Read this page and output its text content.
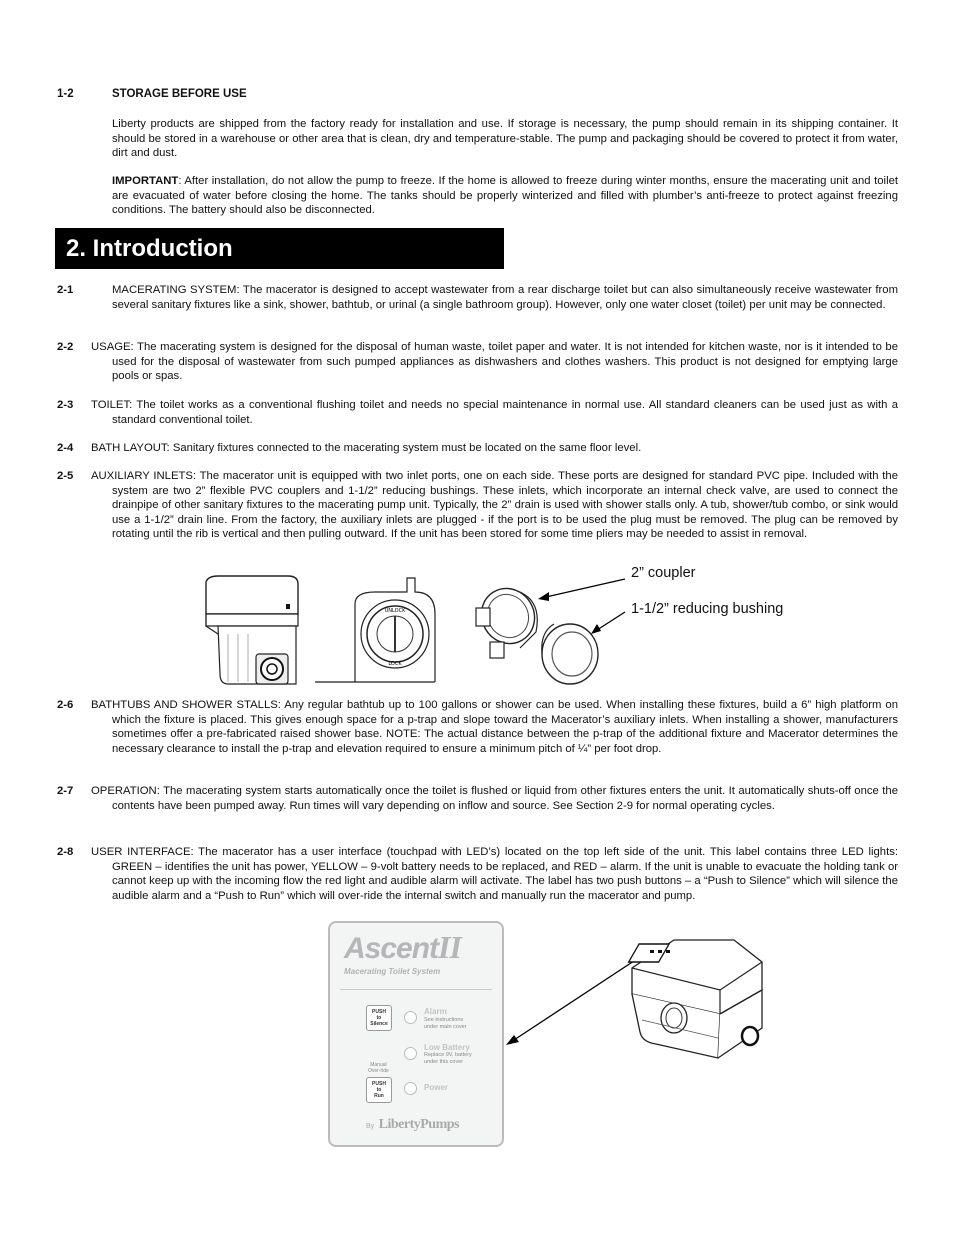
1-2	STORAGE BEFORE USE
Liberty products are shipped from the factory ready for installation and use. If storage is necessary, the pump should remain in its shipping container. It should be stored in a warehouse or other area that is clean, dry and temperature-stable. The pump and packaging should be covered to protect it from water, dirt and dust.
IMPORTANT: After installation, do not allow the pump to freeze. If the home is allowed to freeze during winter months, ensure the macerating unit and toilet are evacuated of water before closing the home. The tanks should be properly winterized and filled with plumber’s anti-freeze to protect against freezing conditions. The battery should also be disconnected.
2. Introduction
2-1	MACERATING SYSTEM: The macerator is designed to accept wastewater from a rear discharge toilet but can also simultaneously receive wastewater from several sanitary fixtures like a sink, shower, bathtub, or urinal (a single bathroom group). However, only one water closet (toilet) per unit may be connected.
2-2 USAGE: The macerating system is designed for the disposal of human waste, toilet paper and water. It is not intended for kitchen waste, nor is it intended to be used for the disposal of wastewater from such pumped appliances as dishwashers and clothes washers. This product is not designed for emptying large pools or spas.
2-3 TOILET: The toilet works as a conventional flushing toilet and needs no special maintenance in normal use. All standard cleaners can be used just as with a standard conventional toilet.
2-4 BATH LAYOUT: Sanitary fixtures connected to the macerating system must be located on the same floor level.
2-5 AUXILIARY INLETS: The macerator unit is equipped with two inlet ports, one on each side. These ports are designed for standard PVC pipe. Included with the system are two 2” flexible PVC couplers and 1-1/2” reducing bushings. These inlets, which incorporate an internal check valve, are used to connect the drainpipe of other sanitary fixtures to the macerating pump unit. Typically, the 2” drain is used with shower stalls only. A tub, shower/tub combo, or sink would use a 1-1/2” drain line. From the factory, the auxiliary inlets are plugged - if the port is to be used the plug must be removed. The plug can be removed by rotating until the rib is vertical and then pulling outward. If the unit has been stored for some time pliers may be needed to assist in removal.
UNLOCK
LOCK
2” coupler
1-1/2” reducing bushing
2-6 BATHTUBS AND SHOWER STALLS: Any regular bathtub up to 100 gallons or shower can be used. When installing these fixtures, build a 6” high platform on which the fixture is placed. This gives enough space for a p-trap and slope toward the Macerator’s auxiliary inlets. When installing a shower, manufacturers sometimes offer a pre-fabricated raised shower base. NOTE: The actual distance between the p-trap of the additional fixture and Macerator determines the necessary clearance to install the p-trap and elevation required to ensure a minimum pitch of ¼” per foot drop.
2-7 OPERATION: The macerating system starts automatically once the toilet is flushed or liquid from other fixtures enters the unit. It automatically shuts-off once the contents have been pumped away. Run times will vary depending on inflow and source. See Section 2-9 for normal operating cycles.
2-8 USER INTERFACE: The macerator has a user interface (touchpad with LED’s) located on the top left side of the unit. This label contains three LED lights: GREEN – identifies the unit has power, YELLOW – 9-volt battery needs to be replaced, and RED – alarm. If the unit is unable to evacuate the holding tank or cannot keep up with the incoming flow the red light and audible alarm will activate. The label has two push buttons – a “Push to Silence” which will silence the audible alarm and a “Push to Run” which will over-ride the internal switch and manually run the macerator and pump.
AscentII
Macerating Toilet System
PUSH
to
Silence
Alarm
See instructions
under main cover
Low Battery
Replace 9V. battery
under this cover
Manual
Over-ride
PUSH
to
Run
Power
By LibertyPumps
